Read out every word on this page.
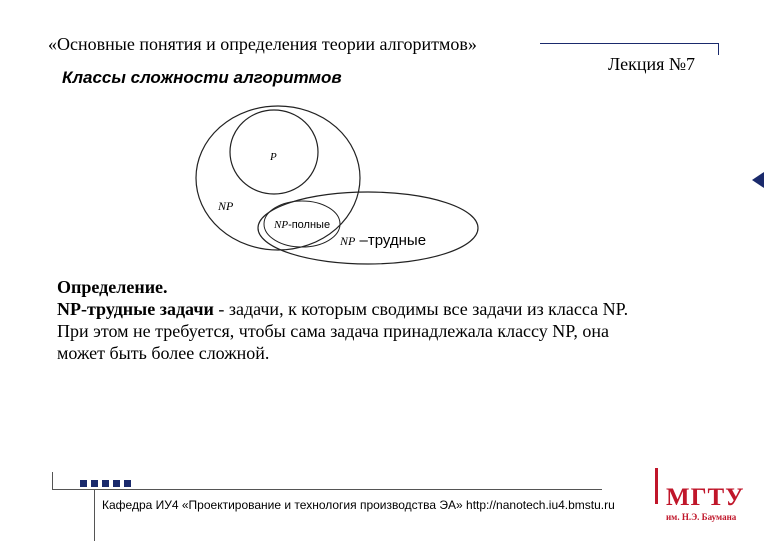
«Основные понятия и определения теории алгоритмов»
Лекция №7
Классы сложности алгоритмов
P
NP
NP-полные
NP –трудные
Определение.
NP-трудные задачи - задачи, к которым сводимы все задачи из класса NP.
При этом не требуется, чтобы сама задача принадлежала классу NP, она
может быть более сложной.
Кафедра ИУ4 «Проектирование и технология производства ЭА» http://nanotech.iu4.bmstu.ru МГТУ
им. Н.Э. Баумана
